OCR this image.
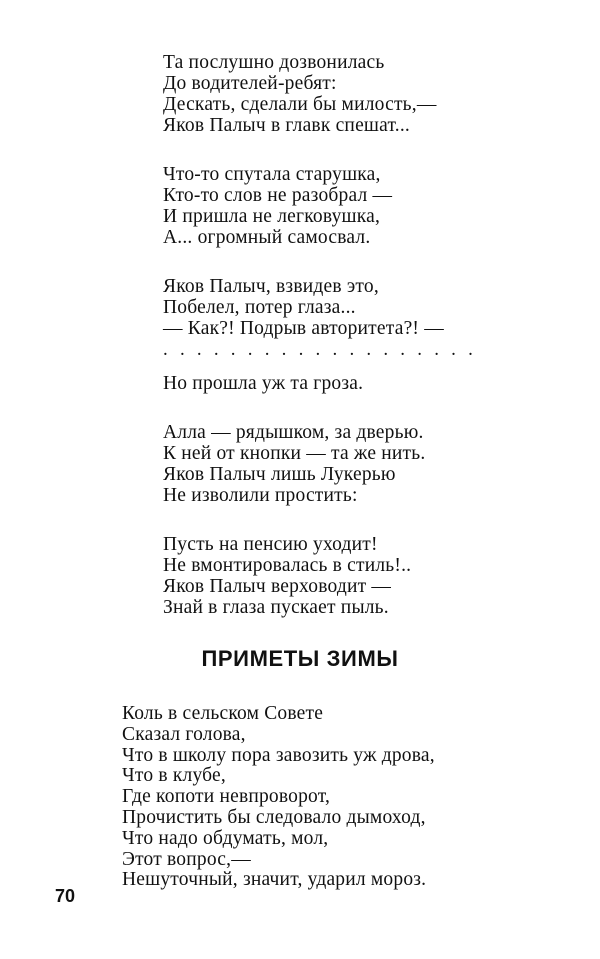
Та послушно дозвонилась
До водителей-ребят:
Дескать, сделали бы милость,—
Яков Палыч в главк спешат...
Что-то спутала старушка,
Кто-то слов не разобрал —
И пришла не легковушка,
А... огромный самосвал.
Яков Палыч, взвидев это,
Побелел, потер глаза...
— Как?! Подрыв авторитета?! —
...................
Но прошла уж та гроза.
Алла — рядышком, за дверью.
К ней от кнопки — та же нить.
Яков Палыч лишь Лукерью
Не изволили простить:
Пусть на пенсию уходит!
Не вмонтировалась в стиль!..
Яков Палыч верховодит —
Знай в глаза пускает пыль.
ПРИМЕТЫ ЗИМЫ
Коль в сельском Совете
Сказал голова,
Что в школу пора завозить уж дрова,
Что в клубе,
Где копоти невпроворот,
Прочистить бы следовало дымоход,
Что надо обдумать, мол,
Этот вопрос,—
Нешуточный, значит, ударил мороз.
70
